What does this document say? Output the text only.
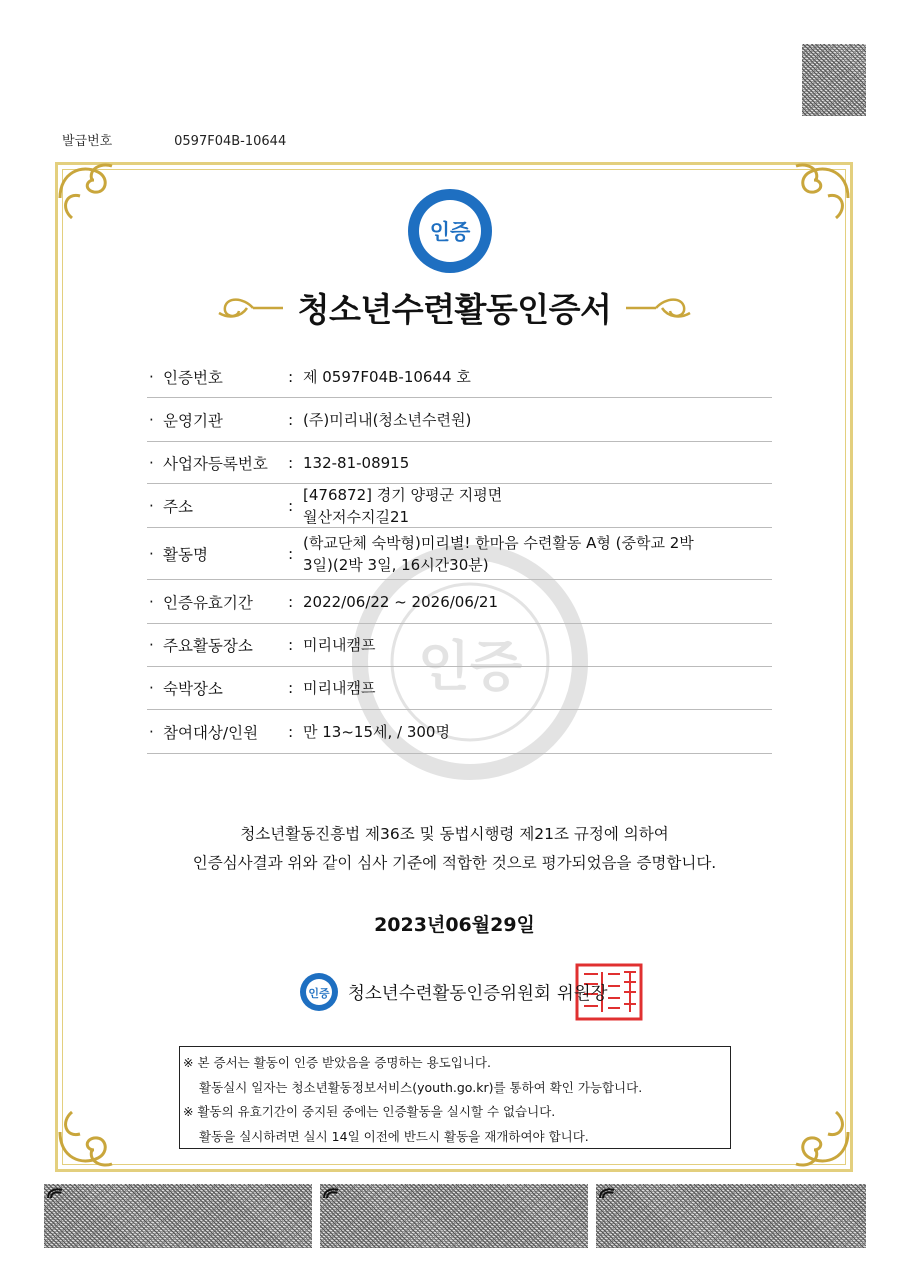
발급번호	0597F04B-10644
인증
청소년수련활동인증서
인증
· 인증번호	: 제 0597F04B-10644 호
· 운영기관	: (주)미리내(청소년수련원)
· 사업자등록번호	: 132-81-08915
· 주소	:
[476872] 경기 양평군 지평면
월산저수지길21
· 활동명	:
(학교단체 숙박형)미리별! 한마음 수련활동 A형 (중학교 2박
3일)(2박 3일, 16시간30분)
· 인증유효기간	: 2022/06/22 ~ 2026/06/21
· 주요활동장소	: 미리내캠프
· 숙박장소	: 미리내캠프
· 참여대상/인원	: 만 13~15세, / 300명
청소년활동진흥법 제36조 및 동법시행령 제21조 규정에 의하여
인증심사결과 위와 같이 심사 기준에 적합한 것으로 평가되었음을 증명합니다.
2023년06월29일
인증 청소년수련활동인증위원회 위원장
※ 본 증서는 활동이 인증 받았음을 증명하는 용도입니다.
활동실시 일자는 청소년활동정보서비스(youth.go.kr)를 통하여 확인 가능합니다.
※ 활동의 유효기간이 중지된 중에는 인증활동을 실시할 수 없습니다.
활동을 실시하려면 실시 14일 이전에 반드시 활동을 재개하여야 합니다.
